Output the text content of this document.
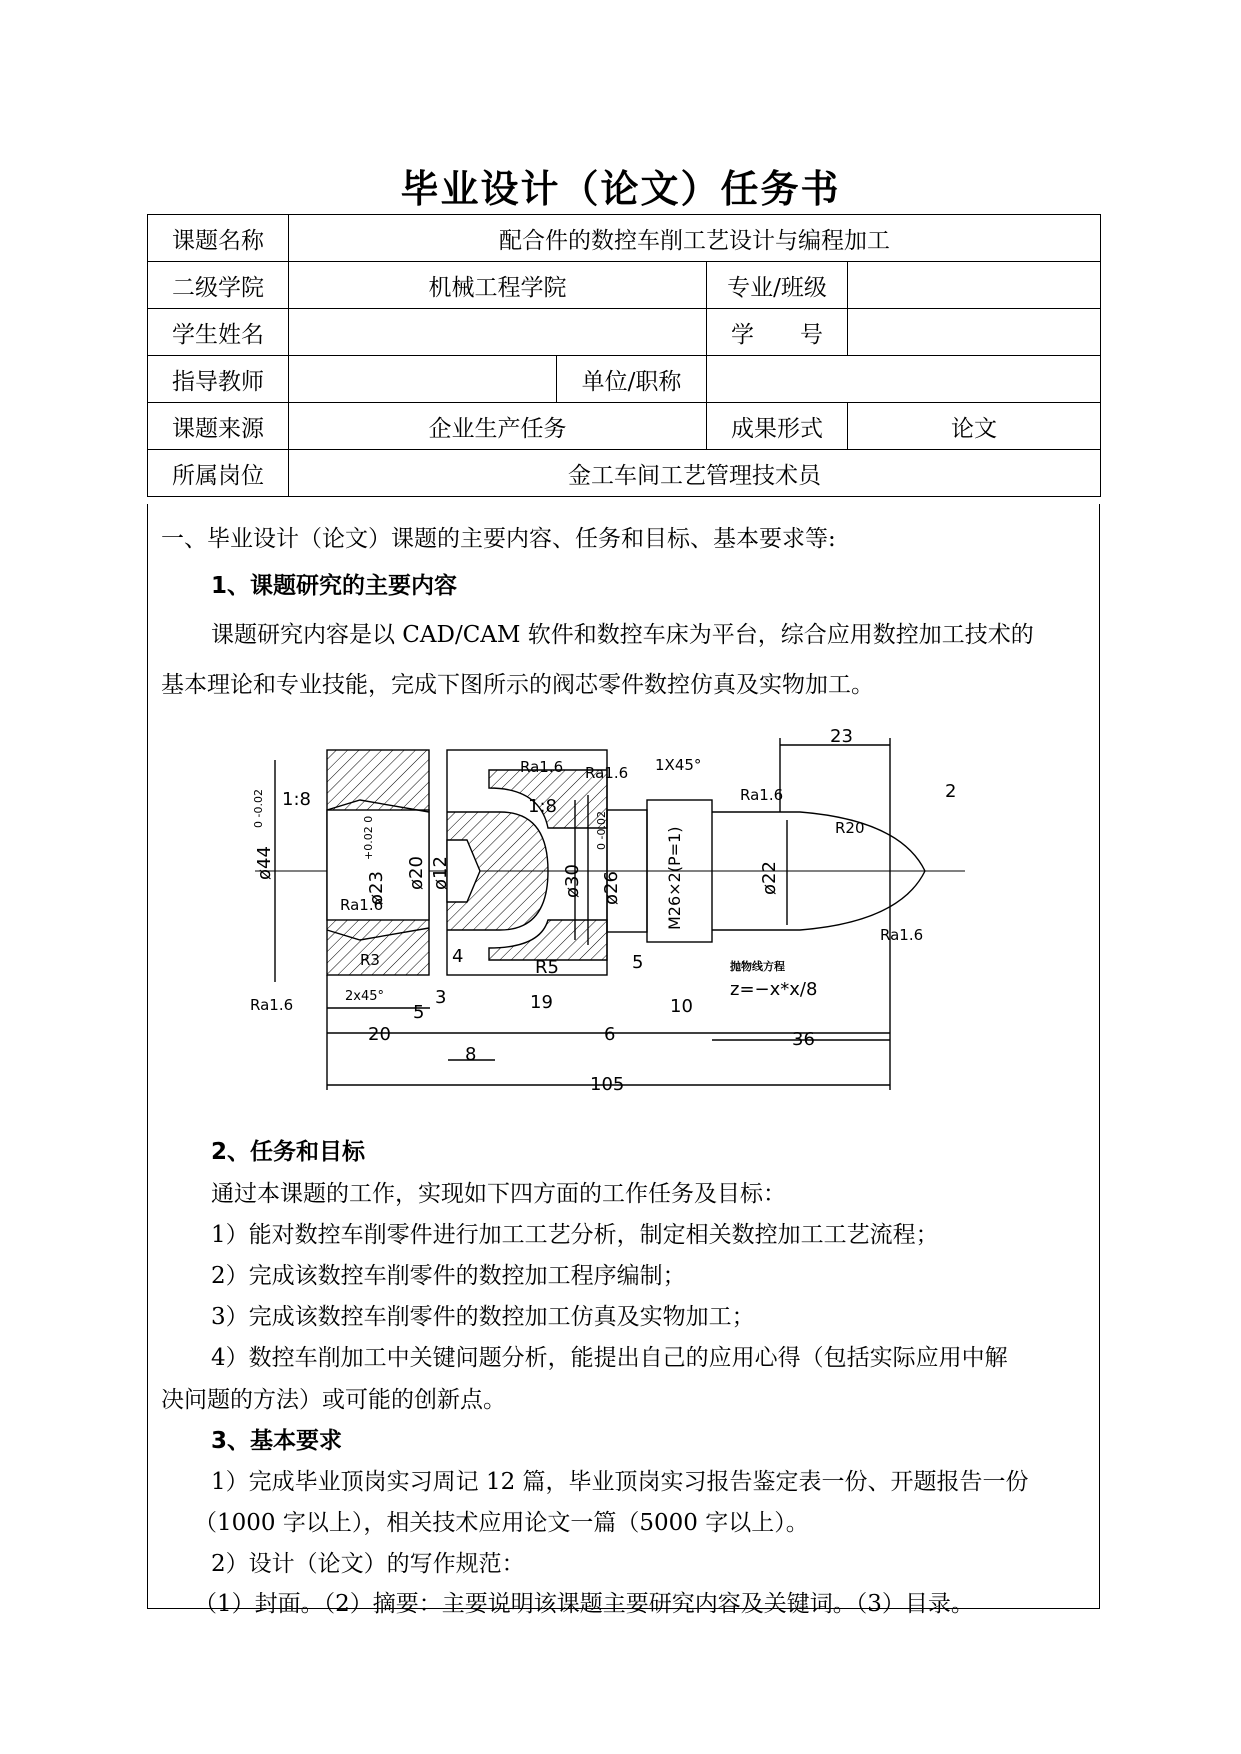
毕业设计（论文）任务书
课题名称	配合件的数控车削工艺设计与编程加工			
二级学院	机械工程学院		专业/班级	
学生姓名			学　　号	
指导教师		单位/职称		
课题来源	企业生产任务		成果形式	论文
所属岗位	金工车间工艺管理技术员			

一、毕业设计（论文）课题的主要内容、任务和目标、基本要求等:

1、课题研究的主要内容

课题研究内容是以 CAD/CAM 软件和数控车床为平台，综合应用数控加工技术的

基本理论和专业技能，完成下图所示的阀芯零件数控仿真及实物加工。

23
2
1X45°
Ra1.6
Ra1.6 Ra1.6
R20
Ra1.6
Ra1.6
Ra1.6
1:8	1:8
ø44
0 -0.02
ø23
+0.02 0
ø20 ø12	ø30 ø26
0 -0.02	M26×2(P=1)	ø22
R5
R3
2x45°
4	5
5
3	19
20
8
6
10
36
105
抛物线方程
z=−x*x/8

2、任务和目标

通过本课题的工作，实现如下四方面的工作任务及目标：

1）能对数控车削零件进行加工工艺分析，制定相关数控加工工艺流程；

2）完成该数控车削零件的数控加工程序编制；

3）完成该数控车削零件的数控加工仿真及实物加工；

4）数控车削加工中关键问题分析，能提出自己的应用心得（包括实际应用中解

决问题的方法）或可能的创新点。

3、基本要求

1）完成毕业顶岗实习周记 12 篇，毕业顶岗实习报告鉴定表一份、开题报告一份

（1000 字以上），相关技术应用论文一篇（5000 字以上）。

2）设计（论文）的写作规范：

（1）封面。（2）摘要：主要说明该课题主要研究内容及关键词。（3）目录。
